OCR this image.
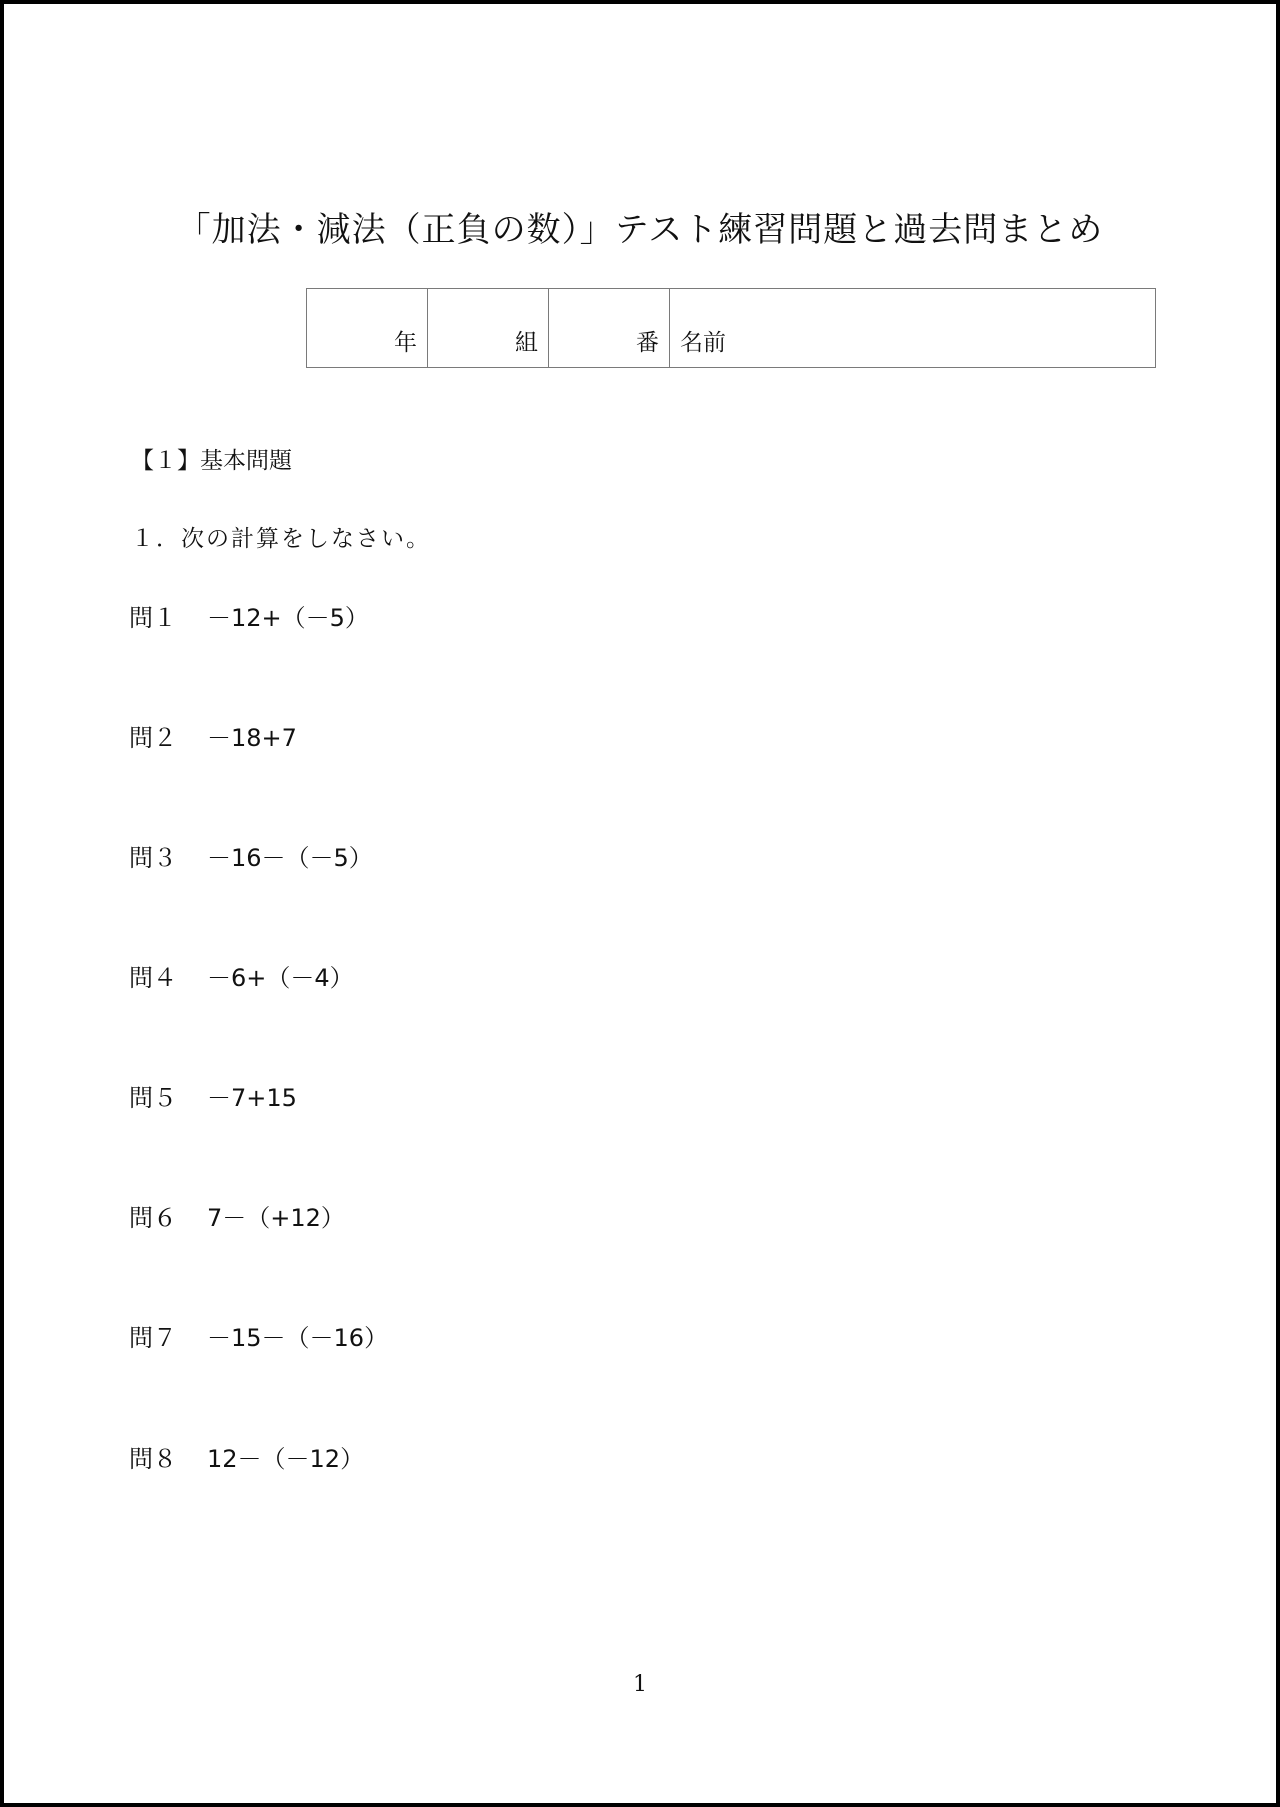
「加法・減法（正負の数）」テスト練習問題と過去問まとめ
年	組	番	名前
【１】基本問題
１．次の計算をしなさい。
問１ －12+（－5）
問２ －18+7
問３ －16－（－5）
問４ －6+（－4）
問５ －7+15
問６ 7－（+12）
問７ －15－（－16）
問８ 12－（－12）
1
